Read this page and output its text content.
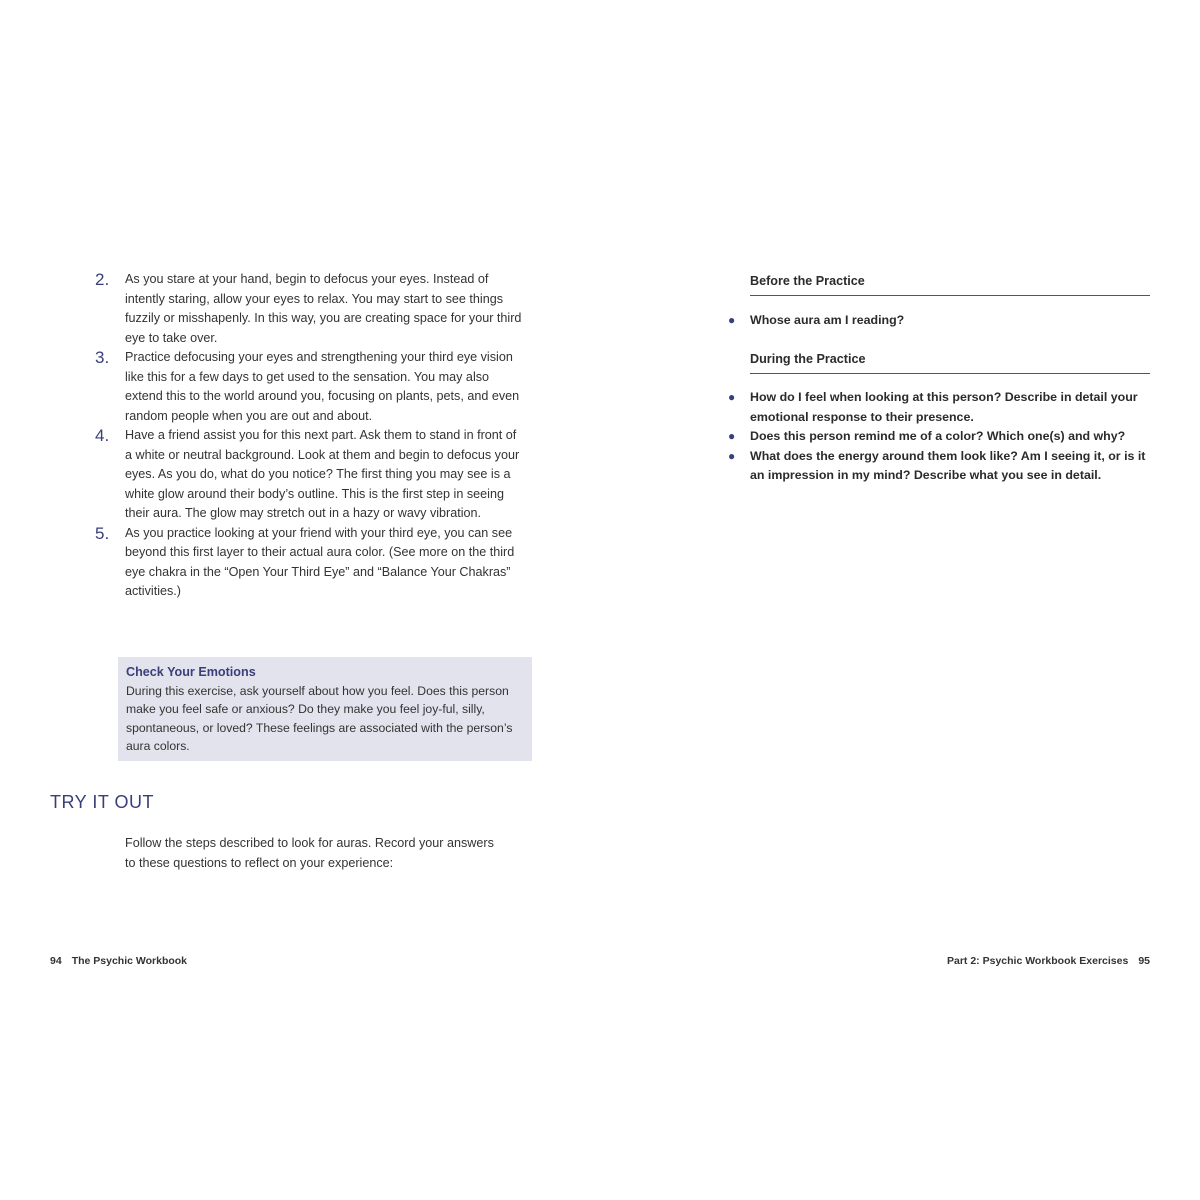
2.	As you stare at your hand, begin to defocus your eyes. Instead of intently staring, allow your eyes to relax. You may start to see things fuzzily or misshapenly. In this way, you are creating space for your third eye to take over.
3.	Practice defocusing your eyes and strengthening your third eye vision like this for a few days to get used to the sensation. You may also extend this to the world around you, focusing on plants, pets, and even random people when you are out and about.
4.	Have a friend assist you for this next part. Ask them to stand in front of a white or neutral background. Look at them and begin to defocus your eyes. As you do, what do you notice? The first thing you may see is a white glow around their body’s outline. This is the first step in seeing their aura. The glow may stretch out in a hazy or wavy vibration.
5.	As you practice looking at your friend with your third eye, you can see beyond this first layer to their actual aura color. (See more on the third eye chakra in the “Open Your Third Eye” and “Balance Your Chakras” activities.)

Check Your Emotions

During this exercise, ask yourself about how you feel. Does this person make you feel safe or anxious? Do they make you feel joy-ful, silly, spontaneous, or loved? These feelings are associated with the person’s aura colors.

TRY IT OUT

Follow the steps described to look for auras. Record your answers to these questions to reflect on your experience:

94 The Psychic Workbook
Before the Practice
●	Whose aura am I reading?
During the Practice
●	How do I feel when looking at this person? Describe in detail your emotional response to their presence.
●	Does this person remind me of a color? Which one(s) and why?
●	What does the energy around them look like? Am I seeing it, or is it an impression in my mind? Describe what you see in detail.
Part 2: Psychic Workbook Exercises 95
